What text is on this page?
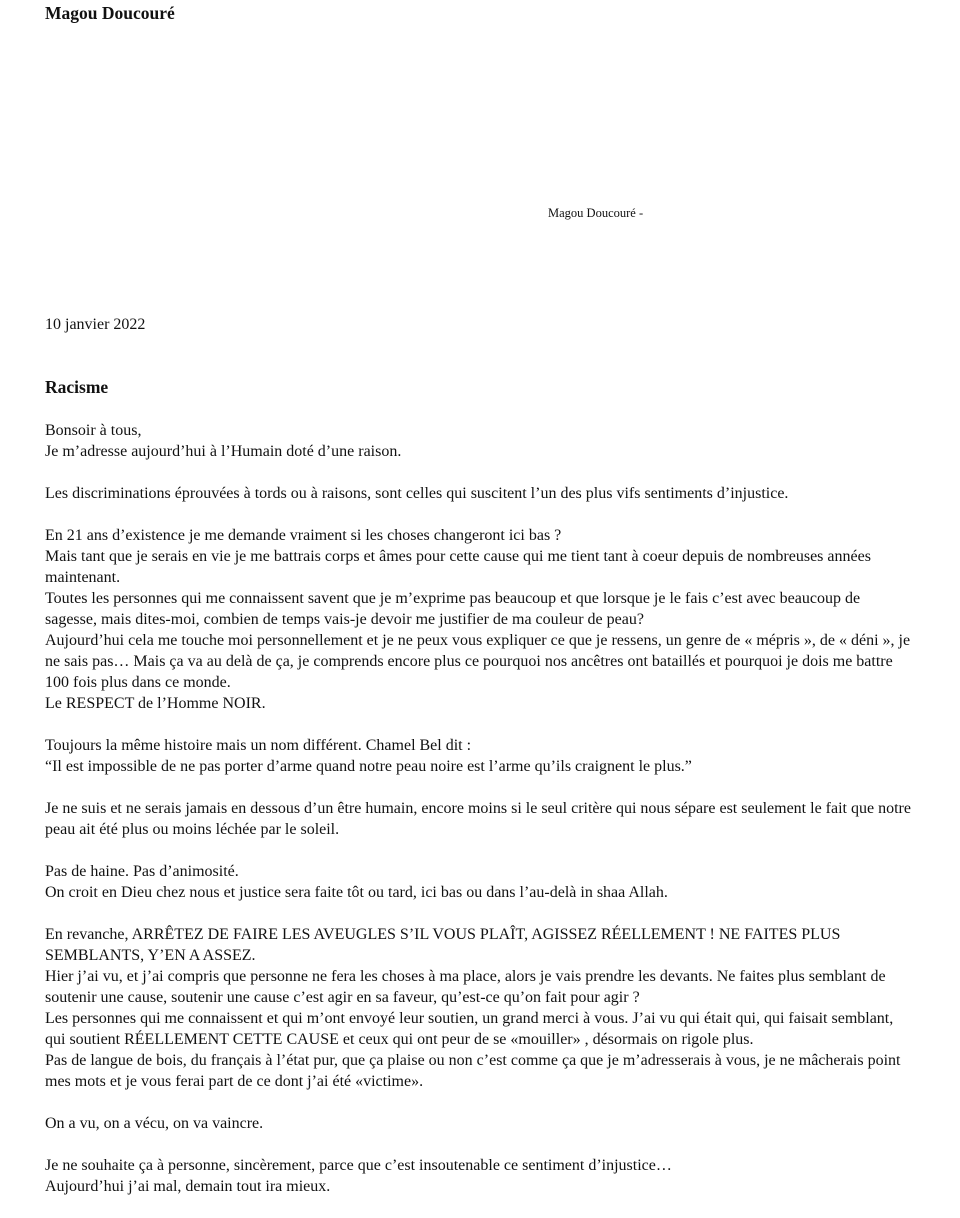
Magou Doucouré
Magou Doucouré -
10 janvier 2022
Racisme
Bonsoir à tous,
Je m’adresse aujourd’hui à l’Humain doté d’une raison.
Les discriminations éprouvées à tords ou à raisons, sont celles qui suscitent l’un des plus vifs sentiments d’injustice.
En 21 ans d’existence je me demande vraiment si les choses changeront ici bas ?
Mais tant que je serais en vie je me battrais corps et âmes pour cette cause qui me tient tant à coeur depuis de nombreuses années maintenant.
Toutes les personnes qui me connaissent savent que je m’exprime pas beaucoup et que lorsque je le fais c’est avec beaucoup de sagesse, mais dites-moi, combien de temps vais-je devoir me justifier de ma couleur de peau?
Aujourd’hui cela me touche moi personnellement et je ne peux vous expliquer ce que je ressens, un genre de « mépris », de « déni », je ne sais pas… Mais ça va au delà de ça, je comprends encore plus ce pourquoi nos ancêtres ont bataillés et pourquoi je dois me battre 100 fois plus dans ce monde.
Le RESPECT de l’Homme NOIR.
Toujours la même histoire mais un nom différent. Chamel Bel dit :
“Il est impossible de ne pas porter d’arme quand notre peau noire est l’arme qu’ils craignent le plus.”
Je ne suis et ne serais jamais en dessous d’un être humain, encore moins si le seul critère qui nous sépare est seulement le fait que notre peau ait été plus ou moins léchée par le soleil.
Pas de haine. Pas d’animosité.
On croit en Dieu chez nous et justice sera faite tôt ou tard, ici bas ou dans l’au-delà in shaa Allah.
En revanche, ARRÊTEZ DE FAIRE LES AVEUGLES S’IL VOUS PLAÎT, AGISSEZ RÉELLEMENT ! NE FAITES PLUS SEMBLANTS, Y’EN A ASSEZ.
Hier j’ai vu, et j’ai compris que personne ne fera les choses à ma place, alors je vais prendre les devants. Ne faites plus semblant de soutenir une cause, soutenir une cause c’est agir en sa faveur, qu’est-ce qu’on fait pour agir ?
Les personnes qui me connaissent et qui m’ont envoyé leur soutien, un grand merci à vous. J’ai vu qui était qui, qui faisait semblant, qui soutient RÉELLEMENT CETTE CAUSE et ceux qui ont peur de se «mouiller» , désormais on rigole plus.
Pas de langue de bois, du français à l’état pur, que ça plaise ou non c’est comme ça que je m’adresserais à vous, je ne mâcherais point mes mots et je vous ferai part de ce dont j’ai été «victime».
On a vu, on a vécu, on va vaincre.
Je ne souhaite ça à personne, sincèrement, parce que c’est insoutenable ce sentiment d’injustice…
Aujourd’hui j’ai mal, demain tout ira mieux.
